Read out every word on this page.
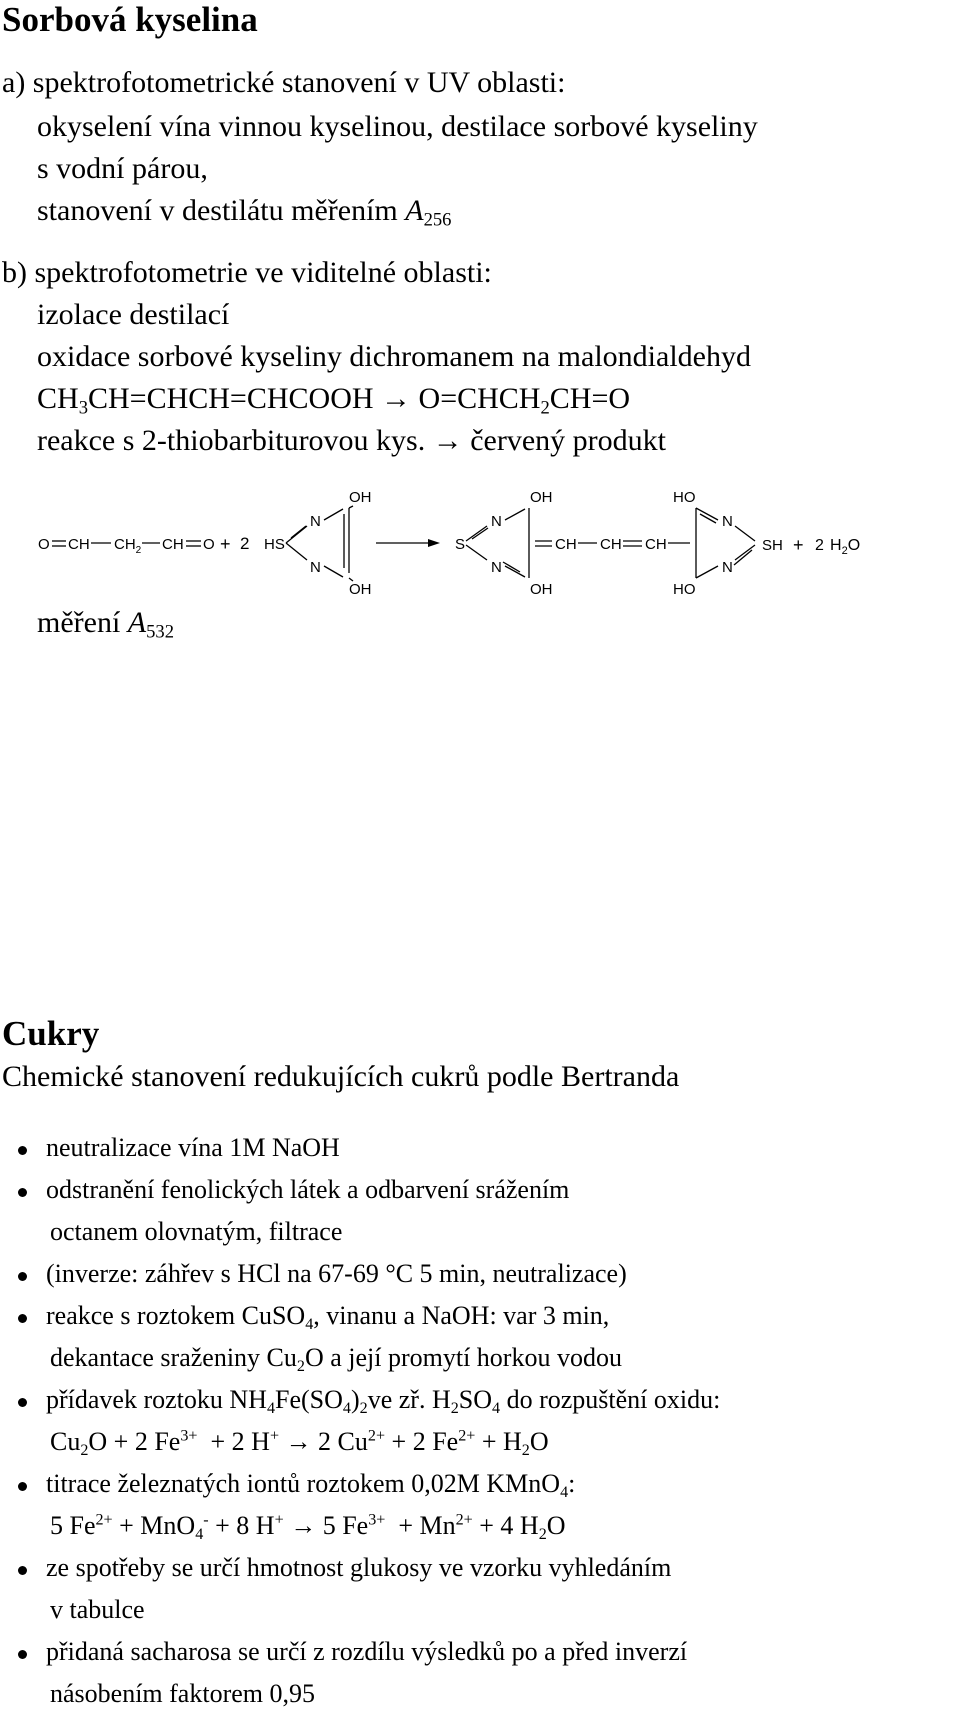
Sorbová kyselina
a) spektrofotometrické stanovení v UV oblasti:
okyselení vína vinnou kyselinou, destilace sorbové kyseliny
s vodní párou,
stanovení v destilátu měřením $A_{256}$
b) spektrofotometrie ve viditelné oblasti:
izolace destilací
oxidace sorbové kyseliny dichromanem na malondialdehyd
$CH_3CH=CHCH=CHCOOH$ → $O=CHCH_2CH=O$
reakce s 2-thiobarbiturovou kys. → červený produkt
O CH $CH_2$ CH O + 2 HS
N
N
OH
OH
S
N
N
OH
OH
CH CH CH
HO
HO
N
N
SH + 2 $H_2O$
měření $A_{532}$
Cukry
Chemické stanovení redukujících cukrů podle Bertranda
neutralizace vína 1M NaOH
odstranění fenolických látek a odbarvení srážením
octanem olovnatým, filtrace
(inverze: záhřev s HCl na 67-69 °C 5 min, neutralizace)
reakce s roztokem CuSO$_4$, vinanu a NaOH: var 3 min,
dekantace sraženiny $Cu_2O$ a její promytí horkou vodou
přídavek roztoku $NH_4Fe(SO_4)_2ve$ zř. $H_2SO_4$ do rozpuštění oxidu:
$Cu_2O + 2$ $Fe^{3+} + 2$ H+ → 2 $Cu^{2+} + 2$ $Fe^{2+} + H_2O$
titrace železnatých iontů roztokem 0,02M KMnO$_4$:
5 $Fe^{2+} + MnO_4^- + 8$ H+ → 5 $Fe^{3+} + Mn^{2+} + 4$ $H_2O$
ze spotřeby se určí hmotnost glukosy ve vzorku vyhledáním
v tabulce
přidaná sacharosa se určí z rozdílu výsledků po a před inverzí
násobením faktorem 0,95
